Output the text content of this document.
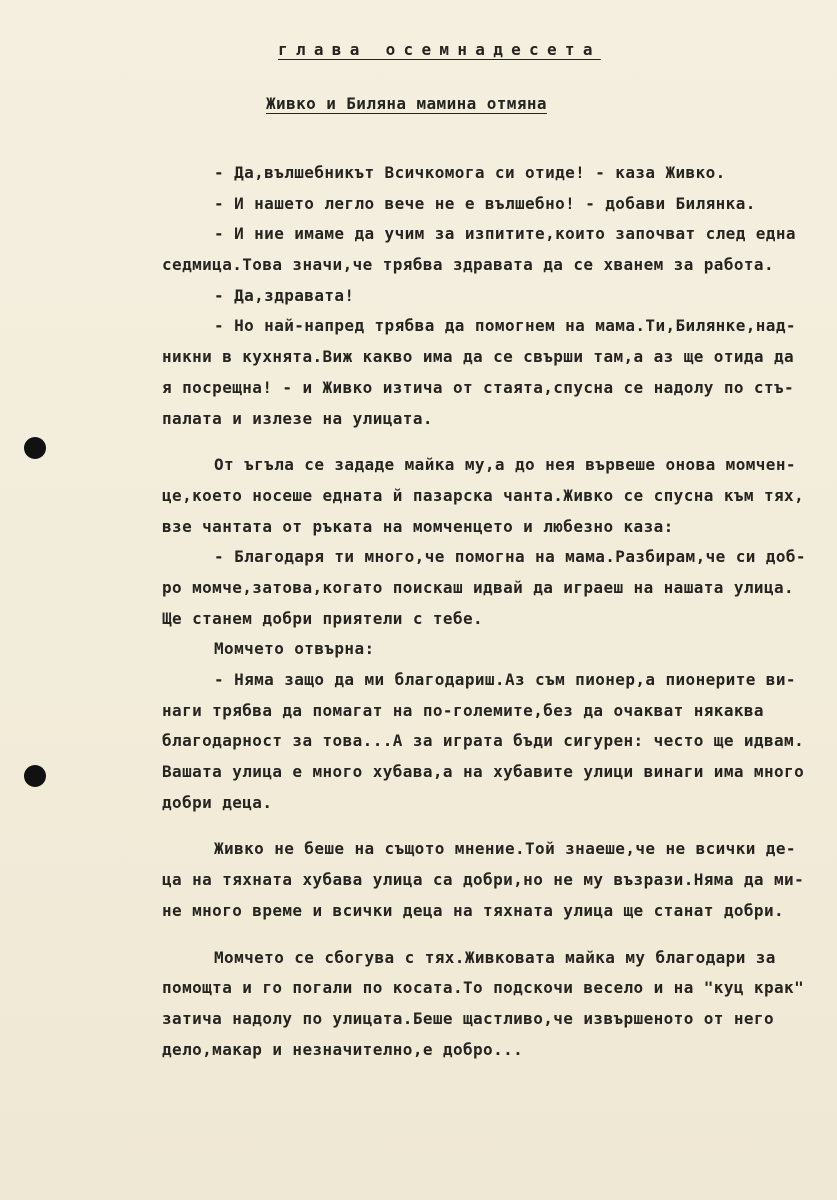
глава осемнадесета
Живко и Биляна мамина отмяна
- Да,вълшебникът Всичкомога си отиде! - каза Живко.
- И нашето легло вече не е вълшебно! - добави Билянка.
- И ние имаме да учим за изпитите,които започват след една
седмица.Това значи,че трябва здравата да се хванем за работа.
- Да,здравата!
- Но най-напред трябва да помогнем на мама.Ти,Билянке,над-
никни в кухнята.Виж какво има да се свърши там,а аз ще отида да
я посрещна! - и Живко изтича от стаята,спусна се надолу по стъ-
палата и излезе на улицата.
От ъгъла се зададе майка му,а до нея вървеше онова момчен-
це,което носеше едната й пазарска чанта.Живко се спусна към тях,
взе чантата от ръката на момченцето и любезно каза:
- Благодаря ти много,че помогна на мама.Разбирам,че си доб-
ро момче,затова,когато поискаш идвай да играеш на нашата улица.
Ще станем добри приятели с тебе.
Момчето отвърна:
- Няма защо да ми благодариш.Аз съм пионер,а пионерите ви-
наги трябва да помагат на по-големите,без да очакват някаква
благодарност за това...А за играта бъди сигурен: често ще идвам.
Вашата улица е много хубава,а на хубавите улици винаги има много
добри деца.
Живко не беше на същото мнение.Той знаеше,че не всички де-
ца на тяхната хубава улица са добри,но не му възрази.Няма да ми-
не много време и всички деца на тяхната улица ще станат добри.
Момчето се сбогува с тях.Живковата майка му благодари за
помощта и го погали по косата.То подскочи весело и на "куц крак"
затича надолу по улицата.Беше щастливо,че извършеното от него
дело,макар и незначително,е добро...
